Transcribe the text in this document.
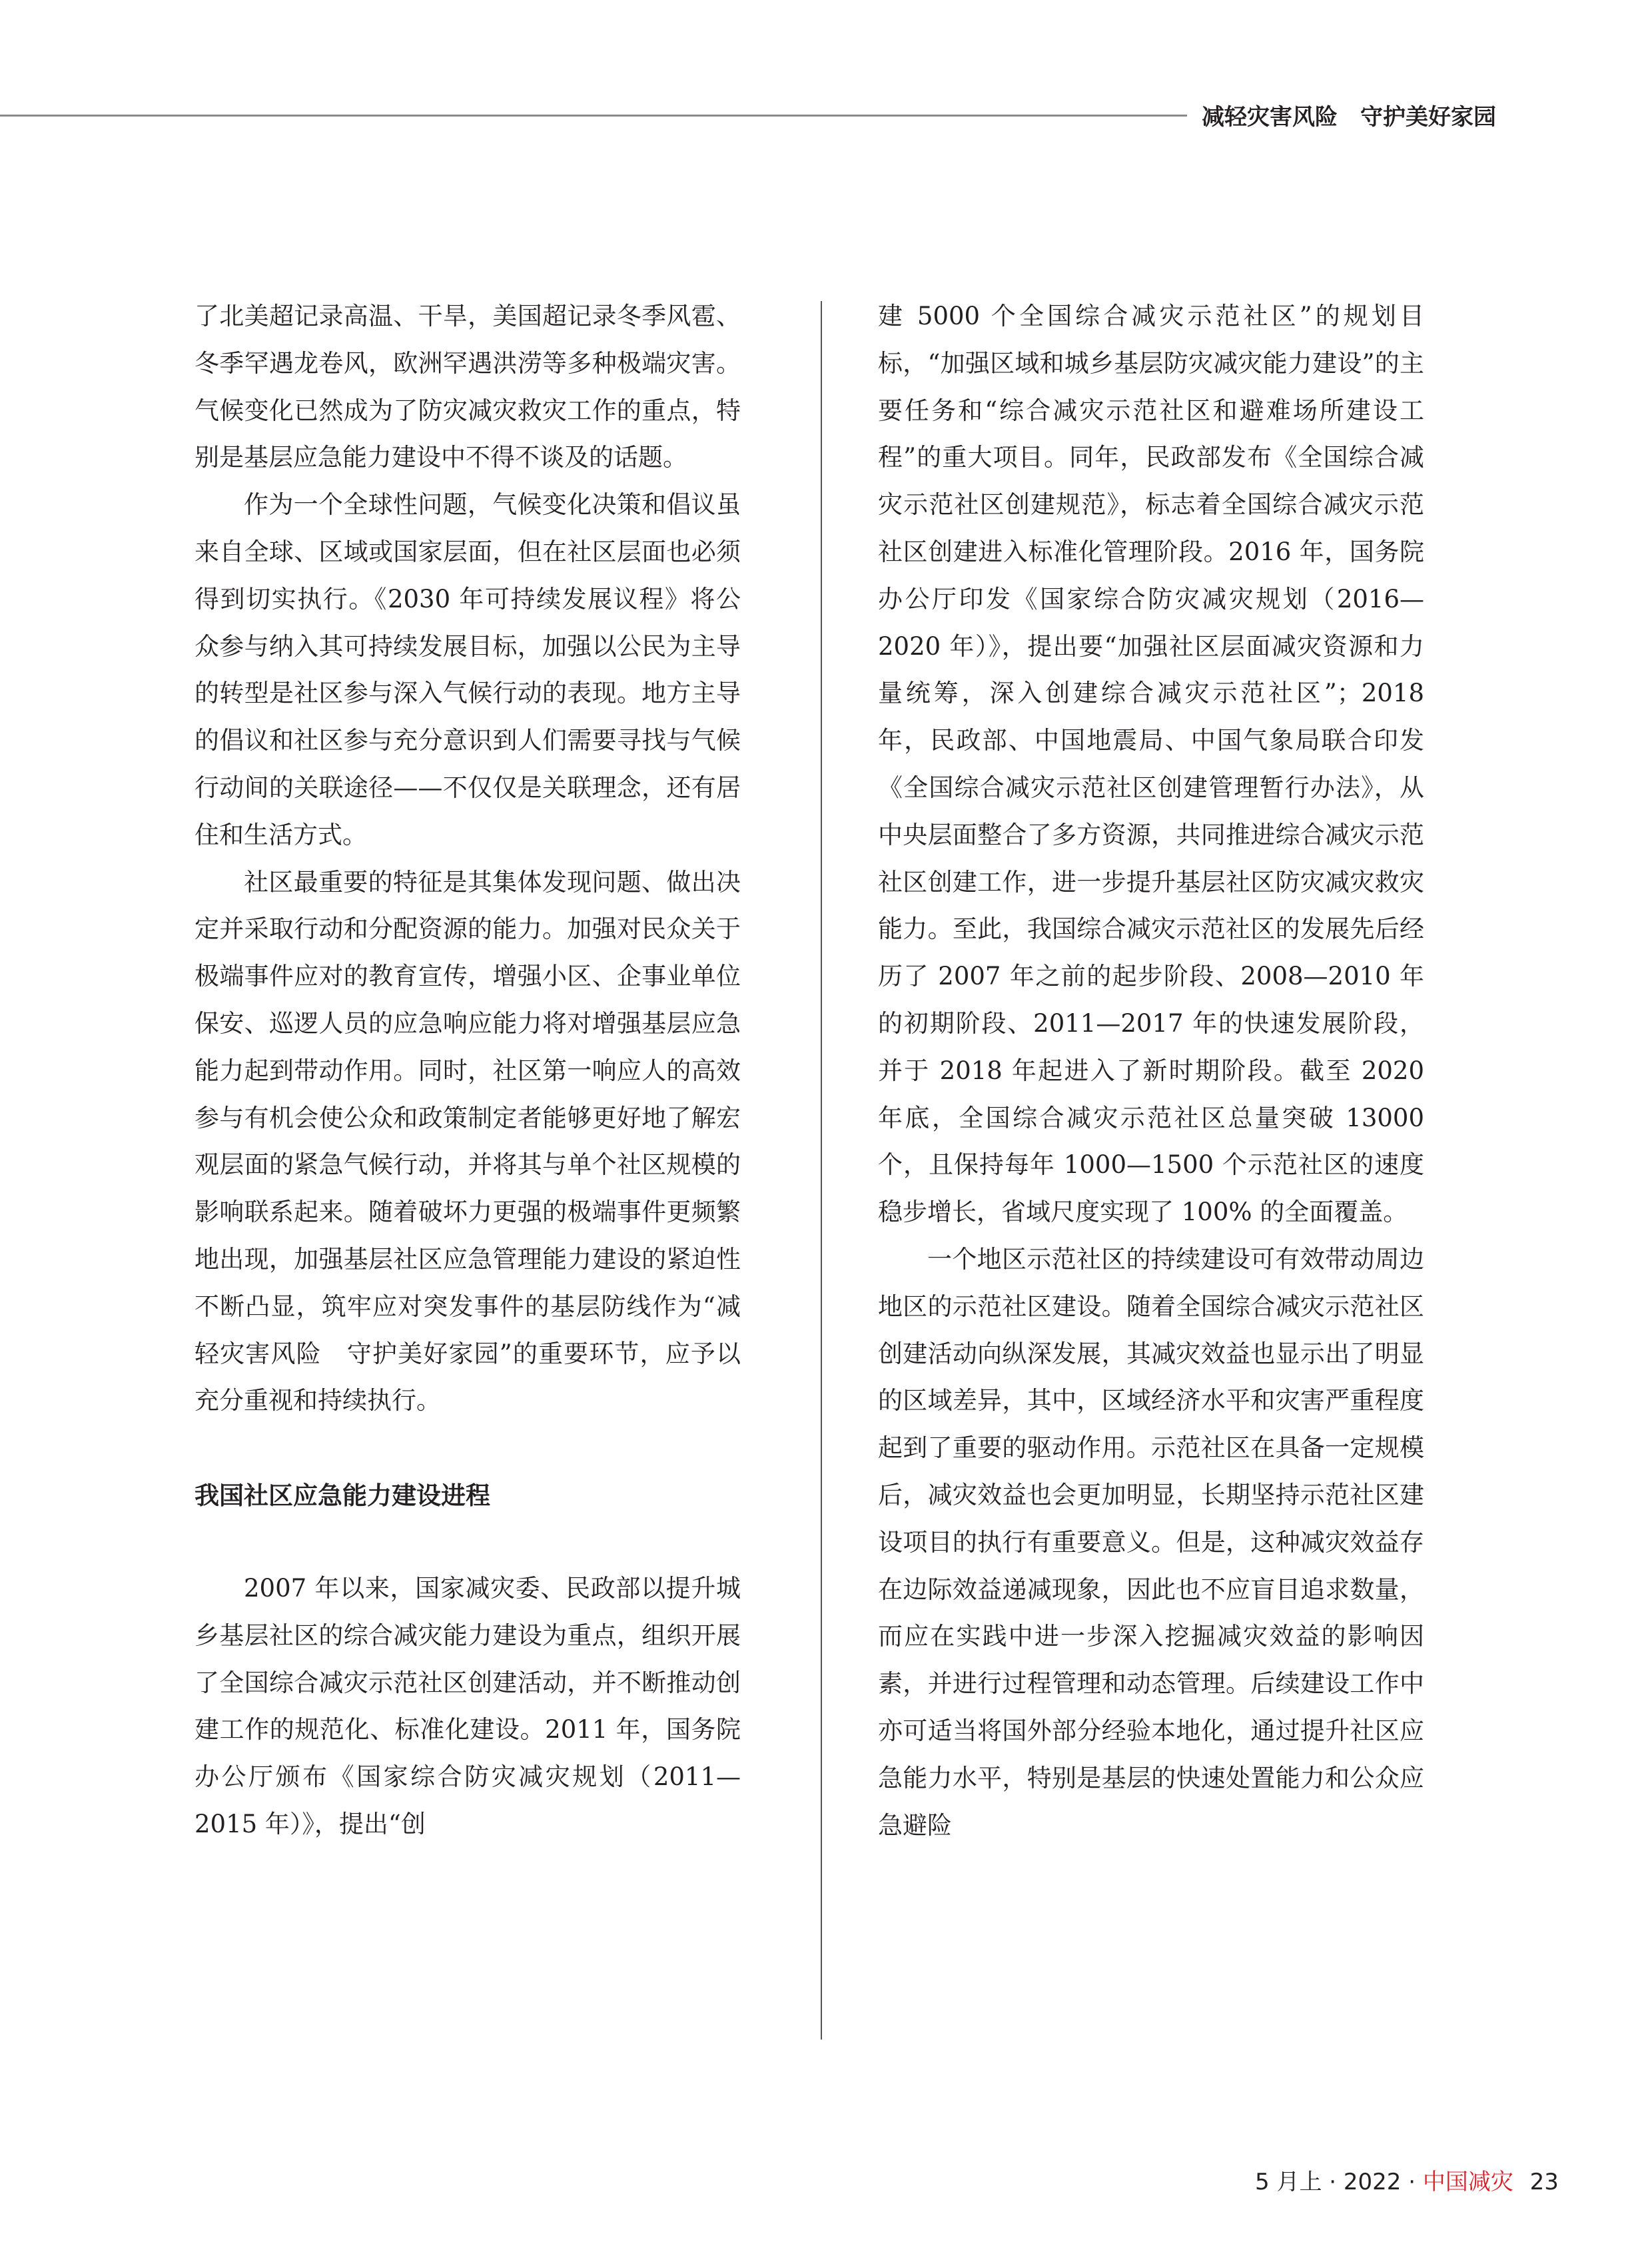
减轻灾害风险　守护美好家园

了北美超记录高温、干旱，美国超记录冬季风雹、冬季罕遇龙卷风，欧洲罕遇洪涝等多种极端灾害。气候变化已然成为了防灾减灾救灾工作的重点，特别是基层应急能力建设中不得不谈及的话题。

作为一个全球性问题，气候变化决策和倡议虽来自全球、区域或国家层面，但在社区层面也必须得到切实执行。《2030 年可持续发展议程》将公众参与纳入其可持续发展目标，加强以公民为主导的转型是社区参与深入气候行动的表现。地方主导的倡议和社区参与充分意识到人们需要寻找与气候行动间的关联途径——不仅仅是关联理念，还有居住和生活方式。

社区最重要的特征是其集体发现问题、做出决定并采取行动和分配资源的能力。加强对民众关于极端事件应对的教育宣传，增强小区、企事业单位保安、巡逻人员的应急响应能力将对增强基层应急能力起到带动作用。同时，社区第一响应人的高效参与有机会使公众和政策制定者能够更好地了解宏观层面的紧急气候行动，并将其与单个社区规模的影响联系起来。随着破坏力更强的极端事件更频繁地出现，加强基层社区应急管理能力建设的紧迫性不断凸显，筑牢应对突发事件的基层防线作为“减轻灾害风险　守护美好家园”的重要环节，应予以充分重视和持续执行。

我国社区应急能力建设进程

2007 年以来，国家减灾委、民政部以提升城乡基层社区的综合减灾能力建设为重点，组织开展了全国综合减灾示范社区创建活动，并不断推动创建工作的规范化、标准化建设。2011 年，国务院办公厅颁布《国家综合防灾减灾规划（2011—2015 年）》，提出“创

建 5000 个全国综合减灾示范社区”的规划目标，“加强区域和城乡基层防灾减灾能力建设”的主要任务和“综合减灾示范社区和避难场所建设工程”的重大项目。同年，民政部发布《全国综合减灾示范社区创建规范》，标志着全国综合减灾示范社区创建进入标准化管理阶段。2016 年，国务院办公厅印发《国家综合防灾减灾规划（2016—2020 年）》，提出要“加强社区层面减灾资源和力量统筹，深入创建综合减灾示范社区”；2018 年，民政部、中国地震局、中国气象局联合印发《全国综合减灾示范社区创建管理暂行办法》，从中央层面整合了多方资源，共同推进综合减灾示范社区创建工作，进一步提升基层社区防灾减灾救灾能力。至此，我国综合减灾示范社区的发展先后经历了 2007 年之前的起步阶段、2008—2010 年的初期阶段、2011—2017 年的快速发展阶段，并于 2018 年起进入了新时期阶段。截至 2020 年底，全国综合减灾示范社区总量突破 13000 个，且保持每年 1000—1500 个示范社区的速度稳步增长，省域尺度实现了 100% 的全面覆盖。

一个地区示范社区的持续建设可有效带动周边地区的示范社区建设。随着全国综合减灾示范社区创建活动向纵深发展，其减灾效益也显示出了明显的区域差异，其中，区域经济水平和灾害严重程度起到了重要的驱动作用。示范社区在具备一定规模后，减灾效益也会更加明显，长期坚持示范社区建设项目的执行有重要意义。但是，这种减灾效益存在边际效益递减现象，因此也不应盲目追求数量，而应在实践中进一步深入挖掘减灾效益的影响因素，并进行过程管理和动态管理。后续建设工作中亦可适当将国外部分经验本地化，通过提升社区应急能力水平，特别是基层的快速处置能力和公众应急避险

5 月上 · 2022 · 中国减灾 23
